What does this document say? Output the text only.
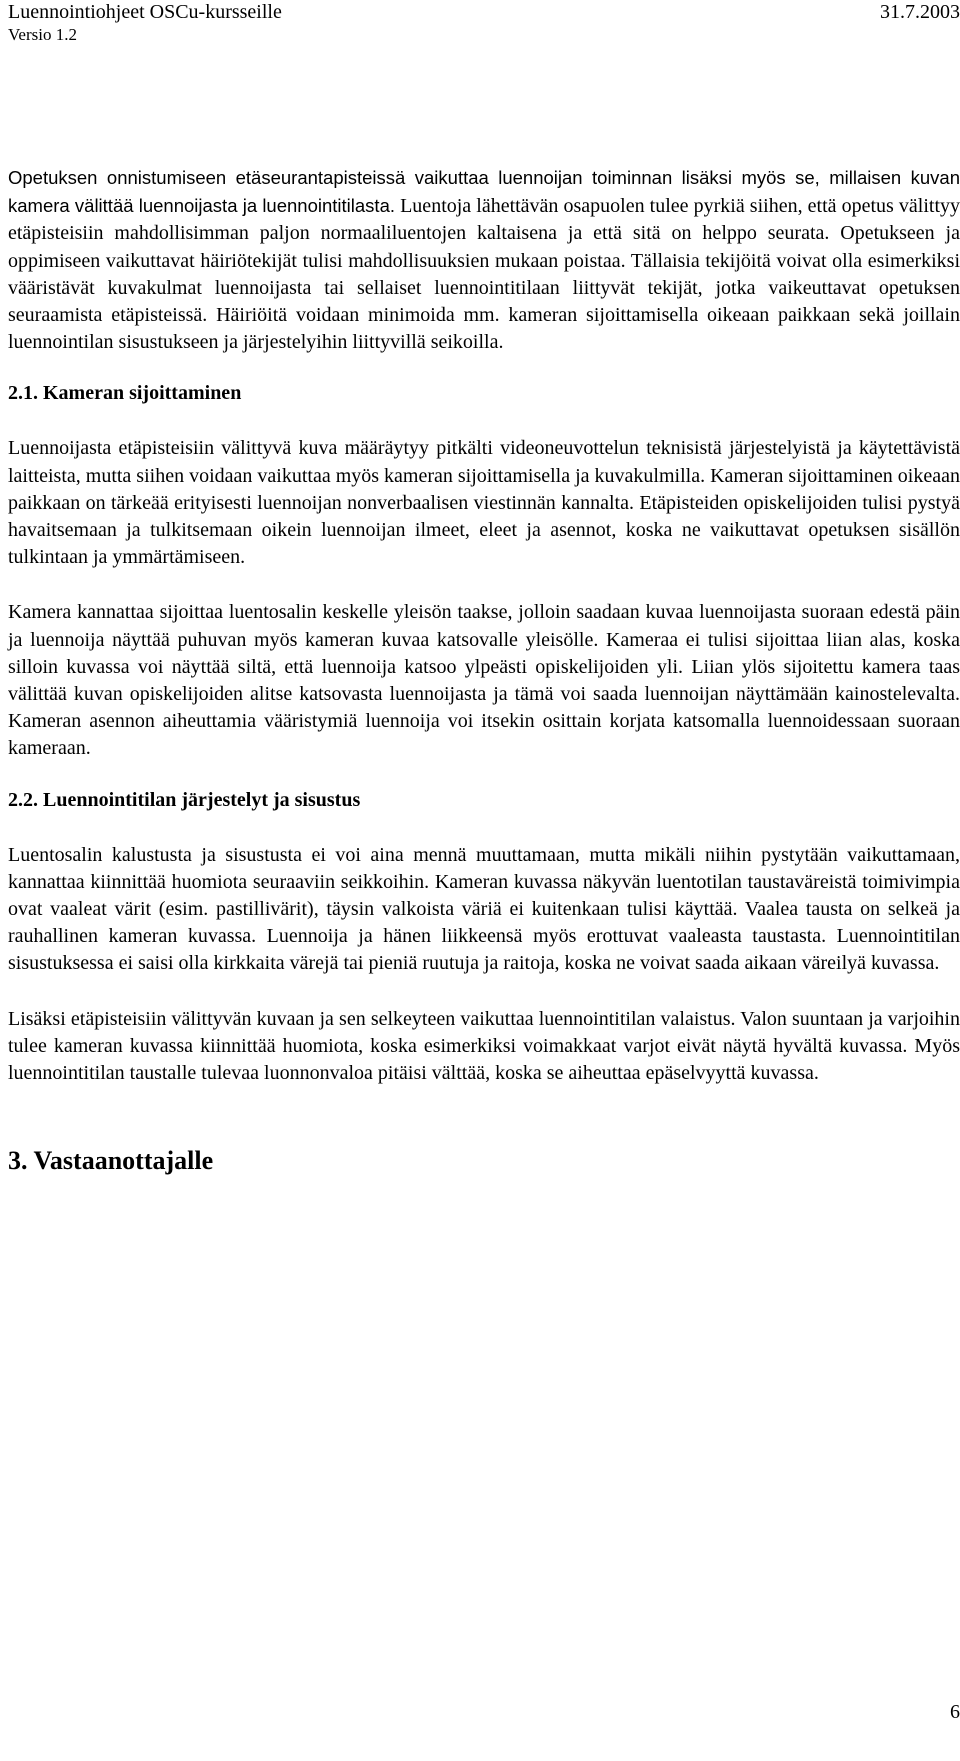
Luennointiohjeet OSCu-kursseille
Versio 1.2
31.7.2003

Opetuksen onnistumiseen etäseurantapisteissä vaikuttaa luennoijan toiminnan lisäksi myös se, millaisen kuvan kamera välittää luennoijasta ja luennointitilasta. Luentoja lähettävän osapuolen tulee pyrkiä siihen, että opetus välittyy etäpisteisiin mahdollisimman paljon normaaliluentojen kaltaisena ja että sitä on helppo seurata. Opetukseen ja oppimiseen vaikuttavat häiriötekijät tulisi mahdollisuuksien mukaan poistaa. Tällaisia tekijöitä voivat olla esimerkiksi vääristävät kuvakulmat luennoijasta tai sellaiset luennointitilaan liittyvät tekijät, jotka vaikeuttavat opetuksen seuraamista etäpisteissä. Häiriöitä voidaan minimoida mm. kameran sijoittamisella oikeaan paikkaan sekä joillain luennointilan sisustukseen ja järjestelyihin liittyvillä seikoilla.

2.1. Kameran sijoittaminen

Luennoijasta etäpisteisiin välittyvä kuva määräytyy pitkälti videoneuvottelun teknisistä järjestelyistä ja käytettävistä laitteista, mutta siihen voidaan vaikuttaa myös kameran sijoittamisella ja kuvakulmilla. Kameran sijoittaminen oikeaan paikkaan on tärkeää erityisesti luennoijan nonverbaalisen viestinnän kannalta. Etäpisteiden opiskelijoiden tulisi pystyä havaitsemaan ja tulkitsemaan oikein luennoijan ilmeet, eleet ja asennot, koska ne vaikuttavat opetuksen sisällön tulkintaan ja ymmärtämiseen.

Kamera kannattaa sijoittaa luentosalin keskelle yleisön taakse, jolloin saadaan kuvaa luennoijasta suoraan edestä päin ja luennoija näyttää puhuvan myös kameran kuvaa katsovalle yleisölle. Kameraa ei tulisi sijoittaa liian alas, koska silloin kuvassa voi näyttää siltä, että luennoija katsoo ylpeästi opiskelijoiden yli. Liian ylös sijoitettu kamera taas välittää kuvan opiskelijoiden alitse katsovasta luennoijasta ja tämä voi saada luennoijan näyttämään kainostelevalta. Kameran asennon aiheuttamia vääristymiä luennoija voi itsekin osittain korjata katsomalla luennoidessaan suoraan kameraan.

2.2. Luennointitilan järjestelyt ja sisustus

Luentosalin kalustusta ja sisustusta ei voi aina mennä muuttamaan, mutta mikäli niihin pystytään vaikuttamaan, kannattaa kiinnittää huomiota seuraaviin seikkoihin. Kameran kuvassa näkyvän luentotilan taustaväreistä toimivimpia ovat vaaleat värit (esim. pastillivärit), täysin valkoista väriä ei kuitenkaan tulisi käyttää. Vaalea tausta on selkeä ja rauhallinen kameran kuvassa. Luennoija ja hänen liikkeensä myös erottuvat vaaleasta taustasta. Luennointitilan sisustuksessa ei saisi olla kirkkaita värejä tai pieniä ruutuja ja raitoja, koska ne voivat saada aikaan väreilyä kuvassa.

Lisäksi etäpisteisiin välittyvän kuvaan ja sen selkeyteen vaikuttaa luennointitilan valaistus. Valon suuntaan ja varjoihin tulee kameran kuvassa kiinnittää huomiota, koska esimerkiksi voimakkaat varjot eivät näytä hyvältä kuvassa. Myös luennointitilan taustalle tulevaa luonnonvaloa pitäisi välttää, koska se aiheuttaa epäselvyyttä kuvassa.

3. Vastaanottajalle
6
